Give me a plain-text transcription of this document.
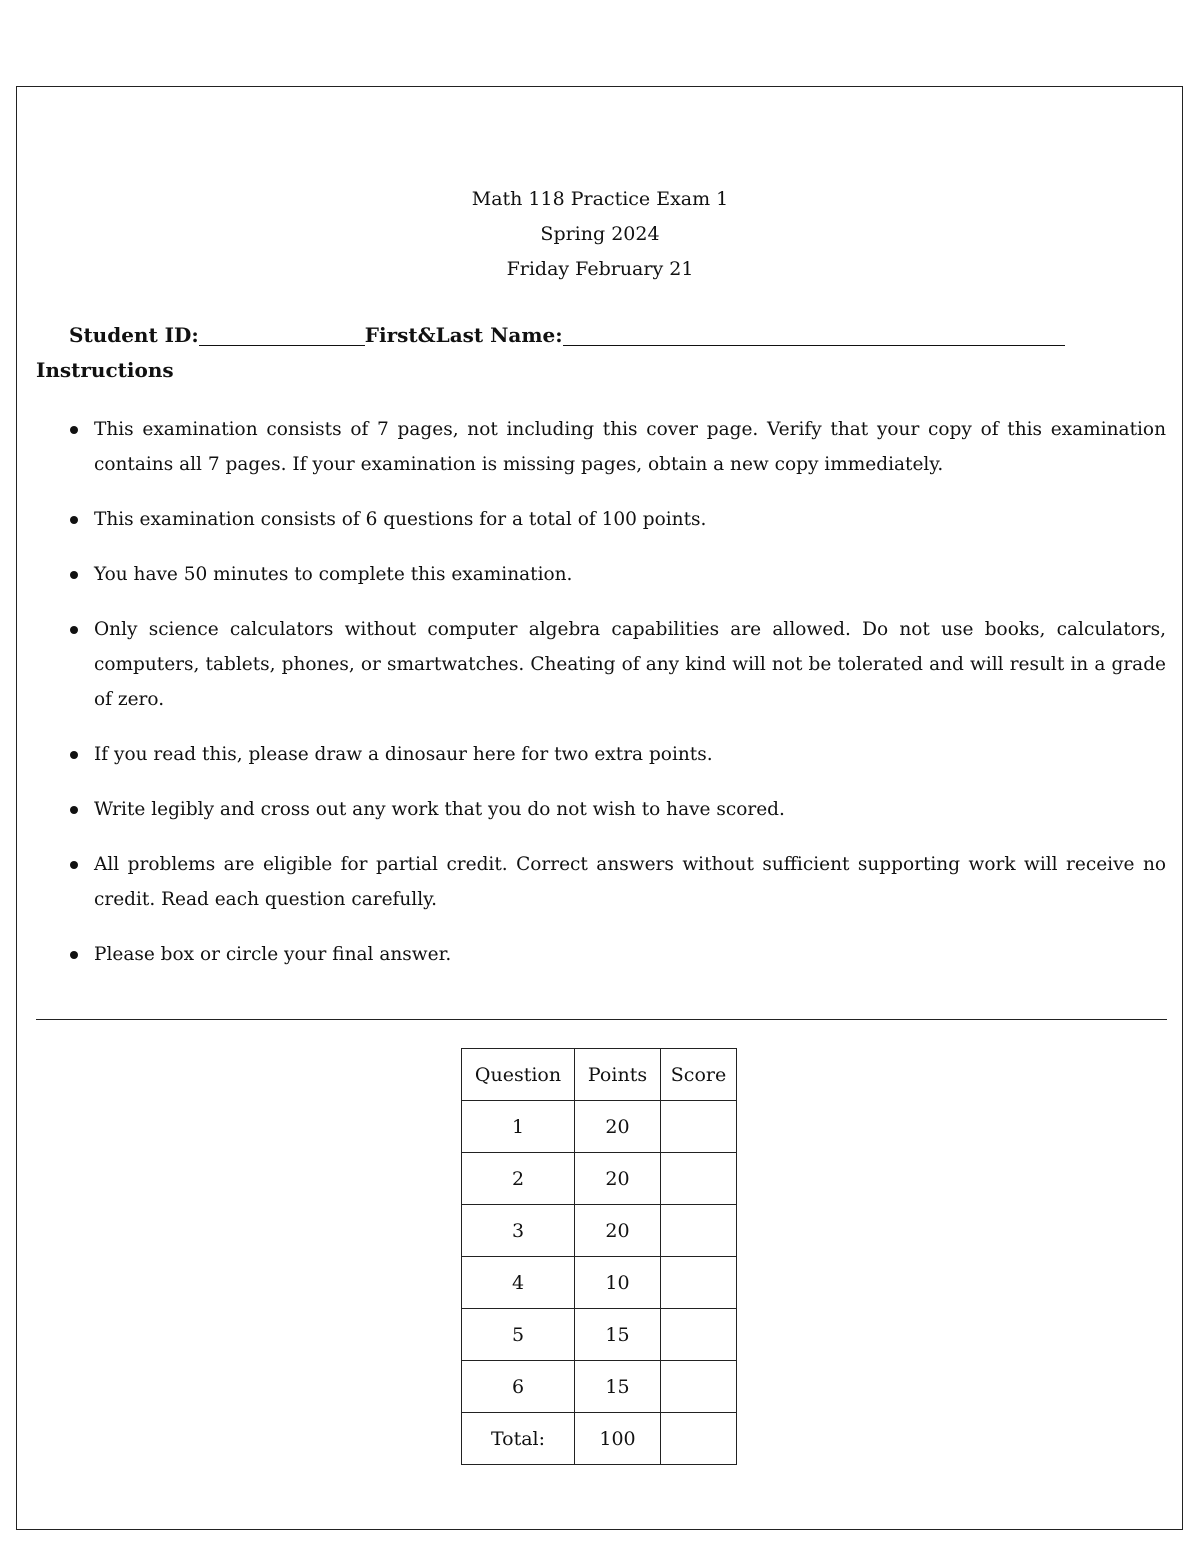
Math 118 Practice Exam 1
Spring 2024
Friday February 21
Student ID:	First&Last Name:
Instructions
This examination consists of 7 pages, not including this cover page. Verify that your copy of this examination contains all 7 pages. If your examination is missing pages, obtain a new copy immediately.
This examination consists of 6 questions for a total of 100 points.
You have 50 minutes to complete this examination.
Only science calculators without computer algebra capabilities are allowed. Do not use books, calculators, computers, tablets, phones, or smartwatches. Cheating of any kind will not be tolerated and will result in a grade of zero.
If you read this, please draw a dinosaur here for two extra points.
Write legibly and cross out any work that you do not wish to have scored.
All problems are eligible for partial credit. Correct answers without sufficient supporting work will receive no credit. Read each question carefully.
Please box or circle your final answer.
Question	Points	Score
1	20	
2	20	
3	20	
4	10	
5	15	
6	15	
Total:	100	
